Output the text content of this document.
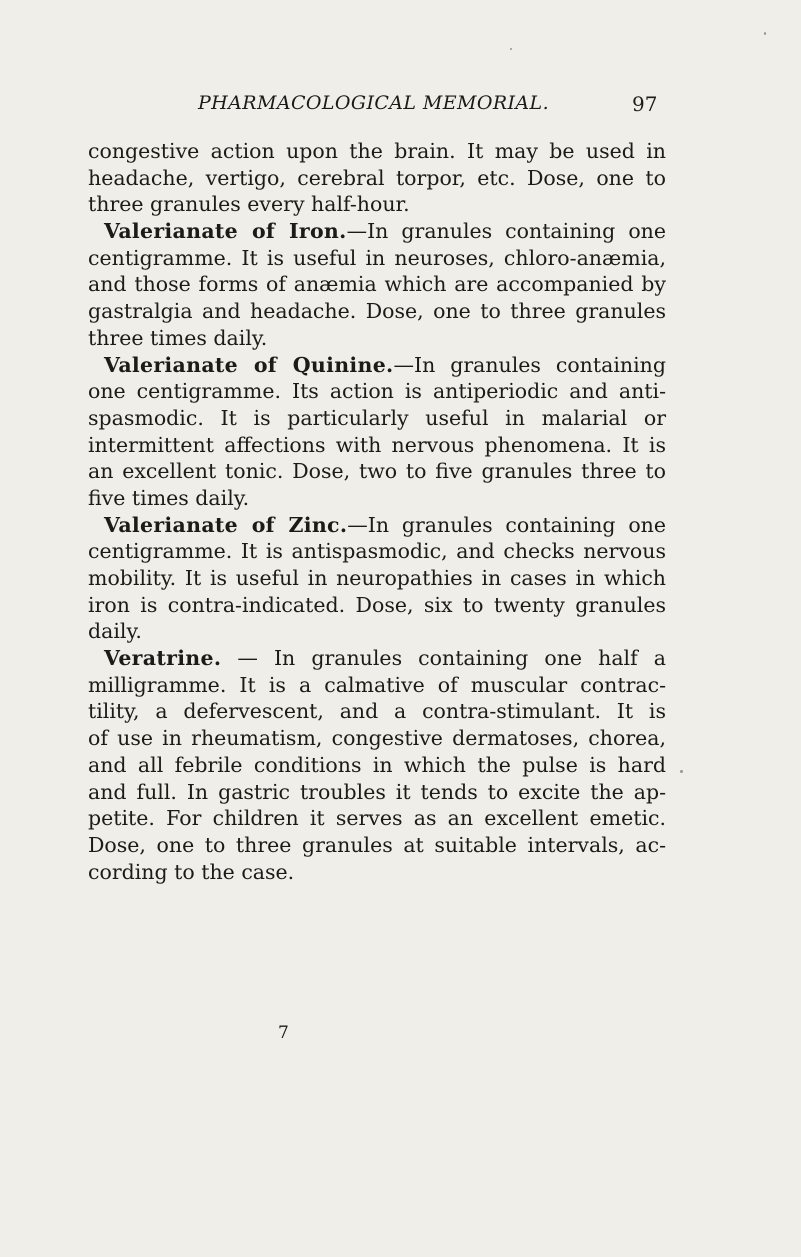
PHARMACOLOGICAL MEMORIAL.	97
congestive action upon the brain. It may be used in
headache, vertigo, cerebral torpor, etc. Dose, one to
three granules every half-hour.
Valerianate of Iron.—In granules containing one
centigramme. It is useful in neuroses, chloro-anæmia,
and those forms of anæmia which are accompanied by
gastralgia and headache. Dose, one to three granules
three times daily.
Valerianate of Quinine.—In granules containing
one centigramme. Its action is antiperiodic and anti-
spasmodic. It is particularly useful in malarial or
intermittent affections with nervous phenomena. It is
an excellent tonic. Dose, two to five granules three to
five times daily.
Valerianate of Zinc.—In granules containing one
centigramme. It is antispasmodic, and checks nervous
mobility. It is useful in neuropathies in cases in which
iron is contra-indicated. Dose, six to twenty granules
daily.
Veratrine. — In granules containing one half a
milligramme. It is a calmative of muscular contrac-
tility, a defervescent, and a contra-stimulant. It is
of use in rheumatism, congestive dermatoses, chorea,
and all febrile conditions in which the pulse is hard
and full. In gastric troubles it tends to excite the ap-
petite. For children it serves as an excellent emetic.
Dose, one to three granules at suitable intervals, ac-
cording to the case.
7
